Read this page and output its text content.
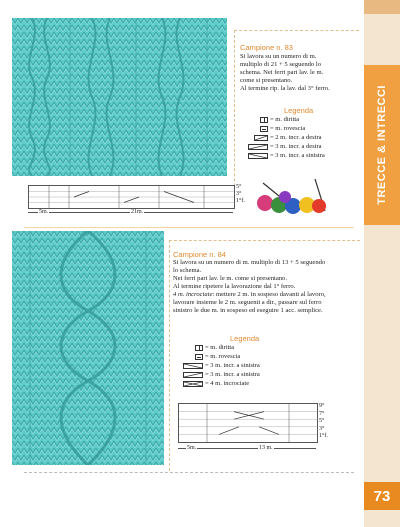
TRECCE & INTRECCI
73
Campione n. 83
Si lavora su un numero di m.
multiplo di 21 + 5 seguendo lo
schema. Nei ferri pari lav. le m.
come si presentano.
Al termine rip. la lav. dal 3° ferro.
Legenda
= m. diritta
= m. rovescia
= 2 m. incr. a destra
= 3 m. incr. a destra
= 3 m. incr. a sinistra
5°
3°
1°f.
5m.	21m.
Campione n. 84
Si lavora su un numero di m. multiplo di 13 + 5 seguendo
lo schema.
Nei ferri pari lav. le m. come si presentano.
Al termine ripetere la lavorazione dal 1° ferro.
4 m. incrociate: mettere 2 m. in sospeso davanti al lavoro,
lavorare insieme le 2 m. seguenti a dir., passare sul ferro
sinistro le due m. in sospeso ed eseguire 1 acc. semplice.
Legenda
= m. diritta
= m. rovescia
= 3 m. incr. a sinistra
= 3 m. incr. a sinistra
= 4 m. incrociate
9°
7°
5°
3°
1°f.
5m.	13 m.
